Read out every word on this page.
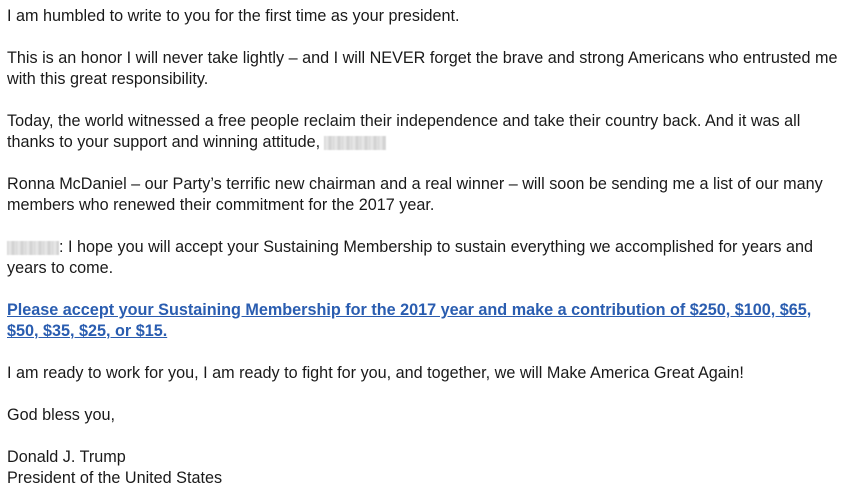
I am humbled to write to you for the first time as your president.

This is an honor I will never take lightly – and I will NEVER forget the brave and strong Americans who entrusted me with this great responsibility.

Today, the world witnessed a free people reclaim their independence and take their country back. And it was all thanks to your support and winning attitude,

Ronna McDaniel – our Party’s terrific new chairman and a real winner – will soon be sending me a list of our many members who renewed their commitment for the 2017 year.

: I hope you will accept your Sustaining Membership to sustain everything we accomplished for years and years to come.

Please accept your Sustaining Membership for the 2017 year and make a contribution of $250, $100, $65, $50, $35, $25, or $15.

I am ready to work for you, I am ready to fight for you, and together, we will Make America Great Again!

God bless you,

Donald J. Trump

President of the United States
